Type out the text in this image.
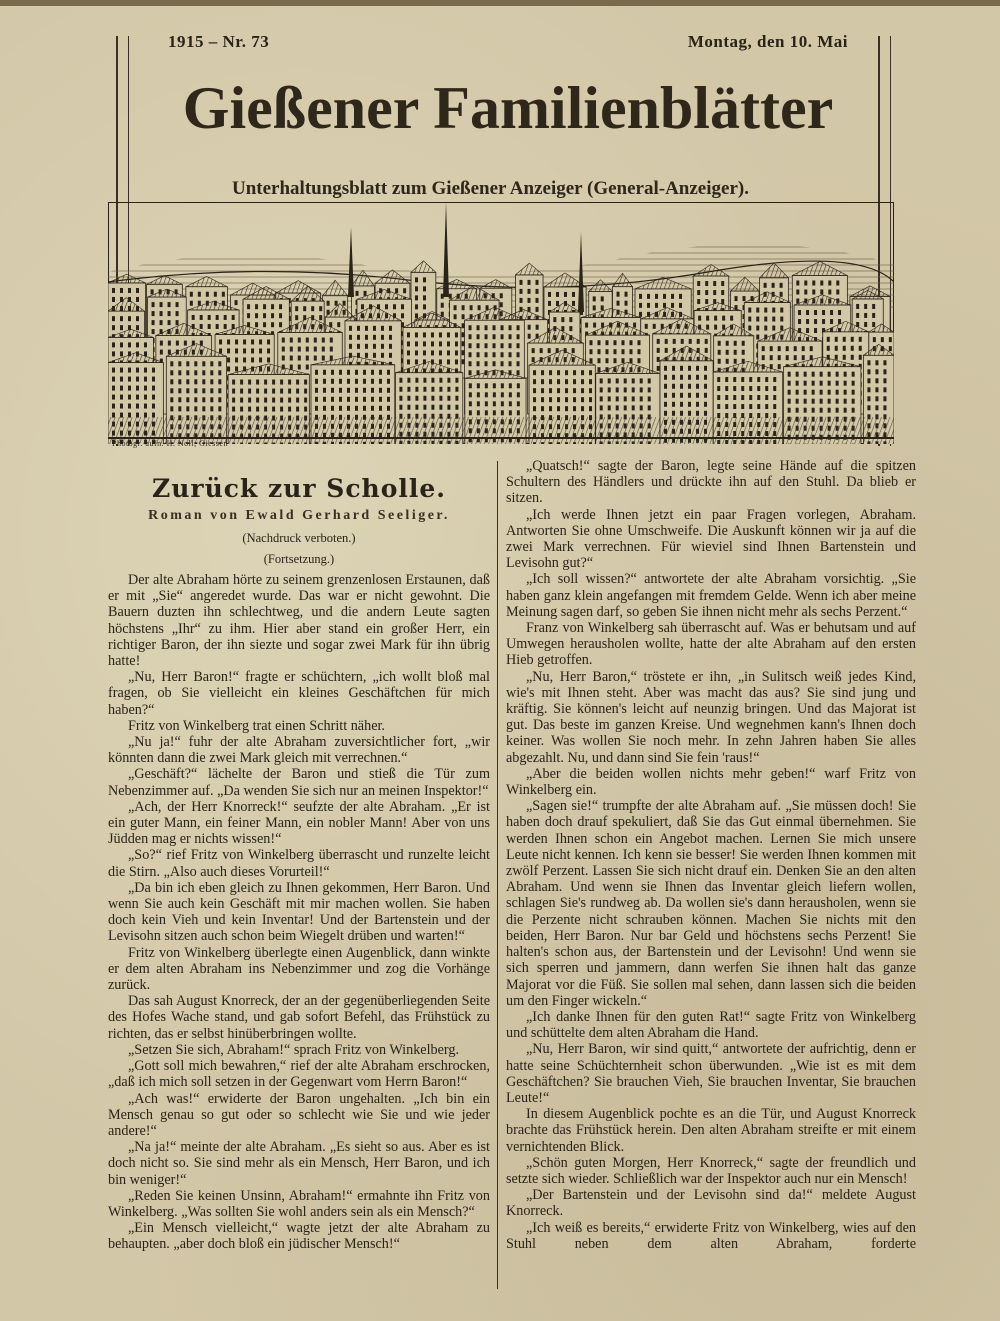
1915 – Nr. 73	Montag, den 10. Mai
Gießener Familienblätter
Unterhaltungsblatt zum Gießener Anzeiger (General-Anzeiger).
Photogr. aufn. H. Noll, Giessen
Zurück zur Scholle.
Roman von Ewald Gerhard Seeliger.
(Nachdruck verboten.)
(Fortsetzung.)

Der alte Abraham hörte zu seinem grenzenlosen Erstaunen, daß er mit „Sie“ angeredet wurde. Das war er nicht gewohnt. Die Bauern duzten ihn schlechtweg, und die andern Leute sagten höchstens „Ihr“ zu ihm. Hier aber stand ein großer Herr, ein richtiger Baron, der ihn siezte und sogar zwei Mark für ihn übrig hatte!

„Nu, Herr Baron!“ fragte er schüchtern, „ich wollt bloß mal fragen, ob Sie vielleicht ein kleines Geschäftchen für mich haben?“

Fritz von Winkelberg trat einen Schritt näher.

„Nu ja!“ fuhr der alte Abraham zuversichtlicher fort, „wir könnten dann die zwei Mark gleich mit verrechnen.“

„Geschäft?“ lächelte der Baron und stieß die Tür zum Nebenzimmer auf. „Da wenden Sie sich nur an meinen Inspektor!“

„Ach, der Herr Knorreck!“ seufzte der alte Abraham. „Er ist ein guter Mann, ein feiner Mann, ein nobler Mann! Aber von uns Jüdden mag er nichts wissen!“

„So?“ rief Fritz von Winkelberg überrascht und runzelte leicht die Stirn. „Also auch dieses Vorurteil!“

„Da bin ich eben gleich zu Ihnen gekommen, Herr Baron. Und wenn Sie auch kein Geschäft mit mir machen wollen. Sie haben doch kein Vieh und kein Inventar! Und der Bartenstein und der Levisohn sitzen auch schon beim Wiegelt drüben und warten!“

Fritz von Winkelberg überlegte einen Augenblick, dann winkte er dem alten Abraham ins Nebenzimmer und zog die Vorhänge zurück.

Das sah August Knorreck, der an der gegenüberliegenden Seite des Hofes Wache stand, und gab sofort Befehl, das Frühstück zu richten, das er selbst hinüberbringen wollte.

„Setzen Sie sich, Abraham!“ sprach Fritz von Winkelberg.

„Gott soll mich bewahren,“ rief der alte Abraham erschrocken, „daß ich mich soll setzen in der Gegenwart vom Herrn Baron!“

„Ach was!“ erwiderte der Baron ungehalten. „Ich bin ein Mensch genau so gut oder so schlecht wie Sie und wie jeder andere!“

„Na ja!“ meinte der alte Abraham. „Es sieht so aus. Aber es ist doch nicht so. Sie sind mehr als ein Mensch, Herr Baron, und ich bin weniger!“

„Reden Sie keinen Unsinn, Abraham!“ ermahnte ihn Fritz von Winkelberg. „Was sollten Sie wohl anders sein als ein Mensch?“

„Ein Mensch vielleicht,“ wagte jetzt der alte Abraham zu behaupten. „aber doch bloß ein jüdischer Mensch!“

„Quatsch!“ sagte der Baron, legte seine Hände auf die spitzen Schultern des Händlers und drückte ihn auf den Stuhl. Da blieb er sitzen.

„Ich werde Ihnen jetzt ein paar Fragen vorlegen, Abraham. Antworten Sie ohne Umschweife. Die Auskunft können wir ja auf die zwei Mark verrechnen. Für wieviel sind Ihnen Bartenstein und Levisohn gut?“

„Ich soll wissen?“ antwortete der alte Abraham vorsichtig. „Sie haben ganz klein angefangen mit fremdem Gelde. Wenn ich aber meine Meinung sagen darf, so geben Sie ihnen nicht mehr als sechs Perzent.“

Franz von Winkelberg sah überrascht auf. Was er behutsam und auf Umwegen herausholen wollte, hatte der alte Abraham auf den ersten Hieb getroffen.

„Nu, Herr Baron,“ tröstete er ihn, „in Sulitsch weiß jedes Kind, wie's mit Ihnen steht. Aber was macht das aus? Sie sind jung und kräftig. Sie können's leicht auf neunzig bringen. Und das Majorat ist gut. Das beste im ganzen Kreise. Und wegnehmen kann's Ihnen doch keiner. Was wollen Sie noch mehr. In zehn Jahren haben Sie alles abgezahlt. Nu, und dann sind Sie fein 'raus!“

„Aber die beiden wollen nichts mehr geben!“ warf Fritz von Winkelberg ein.

„Sagen sie!“ trumpfte der alte Abraham auf. „Sie müssen doch! Sie haben doch drauf spekuliert, daß Sie das Gut einmal übernehmen. Sie werden Ihnen schon ein Angebot machen. Lernen Sie mich unsere Leute nicht kennen. Ich kenn sie besser! Sie werden Ihnen kommen mit zwölf Perzent. Lassen Sie sich nicht drauf ein. Denken Sie an den alten Abraham. Und wenn sie Ihnen das Inventar gleich liefern wollen, schlagen Sie's rundweg ab. Da wollen sie's dann herausholen, wenn sie die Perzente nicht schrauben können. Machen Sie nichts mit den beiden, Herr Baron. Nur bar Geld und höchstens sechs Perzent! Sie halten's schon aus, der Bartenstein und der Levisohn! Und wenn sie sich sperren und jammern, dann werfen Sie ihnen halt das ganze Majorat vor die Füß. Sie sollen mal sehen, dann lassen sich die beiden um den Finger wickeln.“

„Ich danke Ihnen für den guten Rat!“ sagte Fritz von Winkelberg und schüttelte dem alten Abraham die Hand.

„Nu, Herr Baron, wir sind quitt,“ antwortete der aufrichtig, denn er hatte seine Schüchternheit schon überwunden. „Wie ist es mit dem Geschäftchen? Sie brauchen Vieh, Sie brauchen Inventar, Sie brauchen Leute!“

In diesem Augenblick pochte es an die Tür, und August Knorreck brachte das Frühstück herein. Den alten Abraham streifte er mit einem vernichtenden Blick.

„Schön guten Morgen, Herr Knorreck,“ sagte der freundlich und setzte sich wieder. Schließlich war der Inspektor auch nur ein Mensch!

„Der Bartenstein und der Levisohn sind da!“ meldete August Knorreck.

„Ich weiß es bereits,“ erwiderte Fritz von Winkelberg, wies auf den Stuhl neben dem alten Abraham, forderte
